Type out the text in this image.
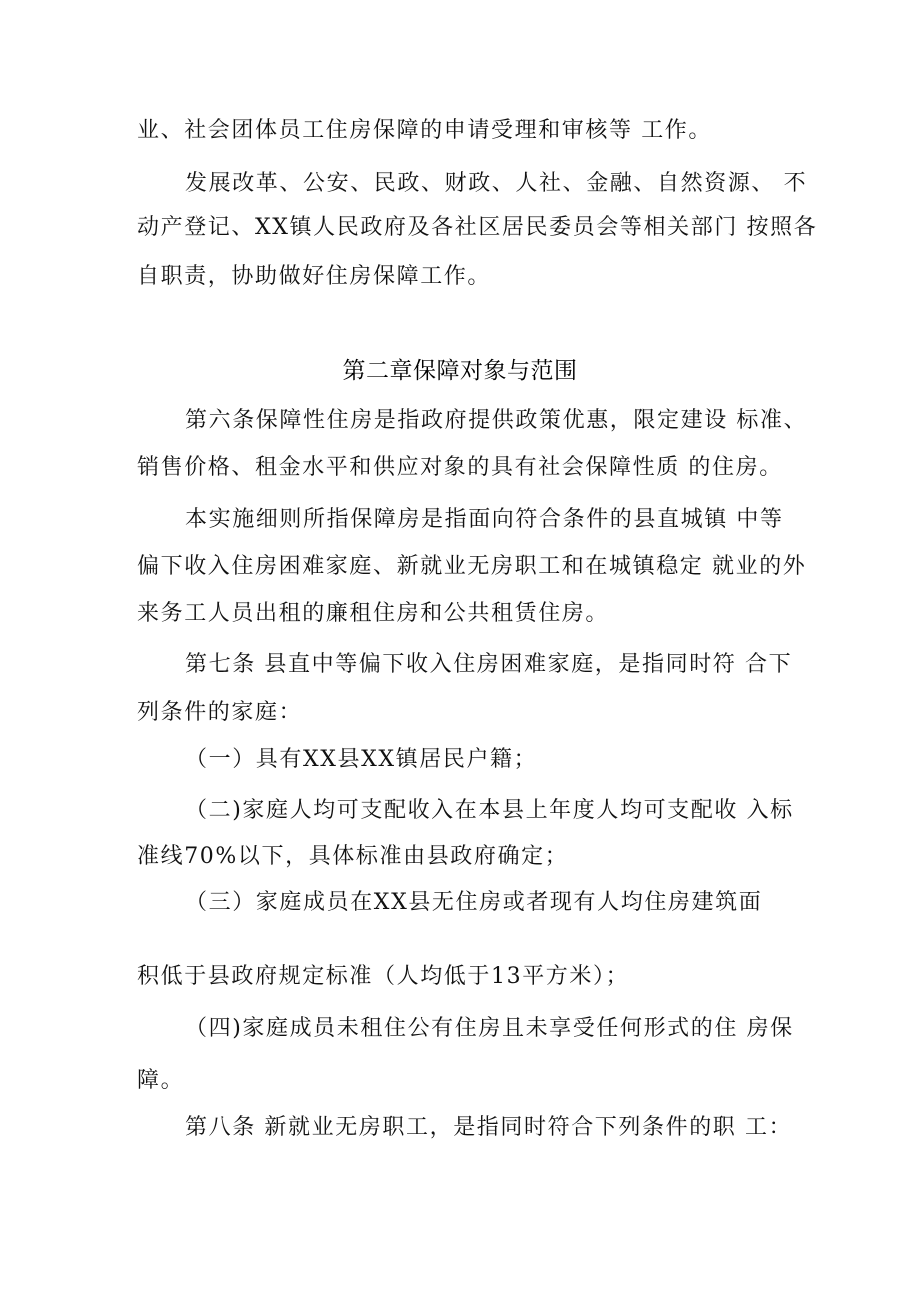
业、社会团体员工住房保障的申请受理和审核等 工作。
发展改革、公安、民政、财政、人社、金融、自然资源、 不
动产登记、XX镇人民政府及各社区居民委员会等相关部门 按照各
自职责，协助做好住房保障工作。
第二章保障对象与范围
第六条保障性住房是指政府提供政策优惠，限定建设 标准、
销售价格、租金水平和供应对象的具有社会保障性质 的住房。
本实施细则所指保障房是指面向符合条件的县直城镇 中等
偏下收入住房困难家庭、新就业无房职工和在城镇稳定 就业的外
来务工人员出租的廉租住房和公共租赁住房。
第七条 县直中等偏下收入住房困难家庭，是指同时符 合下
列条件的家庭：
（一）具有XX县XX镇居民户籍；
（二)家庭人均可支配收入在本县上年度人均可支配收 入标
准线70%以下，具体标准由县政府确定；
（三）家庭成员在XX县无住房或者现有人均住房建筑面
积低于县政府规定标准（人均低于13平方米）；
（四)家庭成员未租住公有住房且未享受任何形式的住 房保
障。
第八条 新就业无房职工，是指同时符合下列条件的职 工：
